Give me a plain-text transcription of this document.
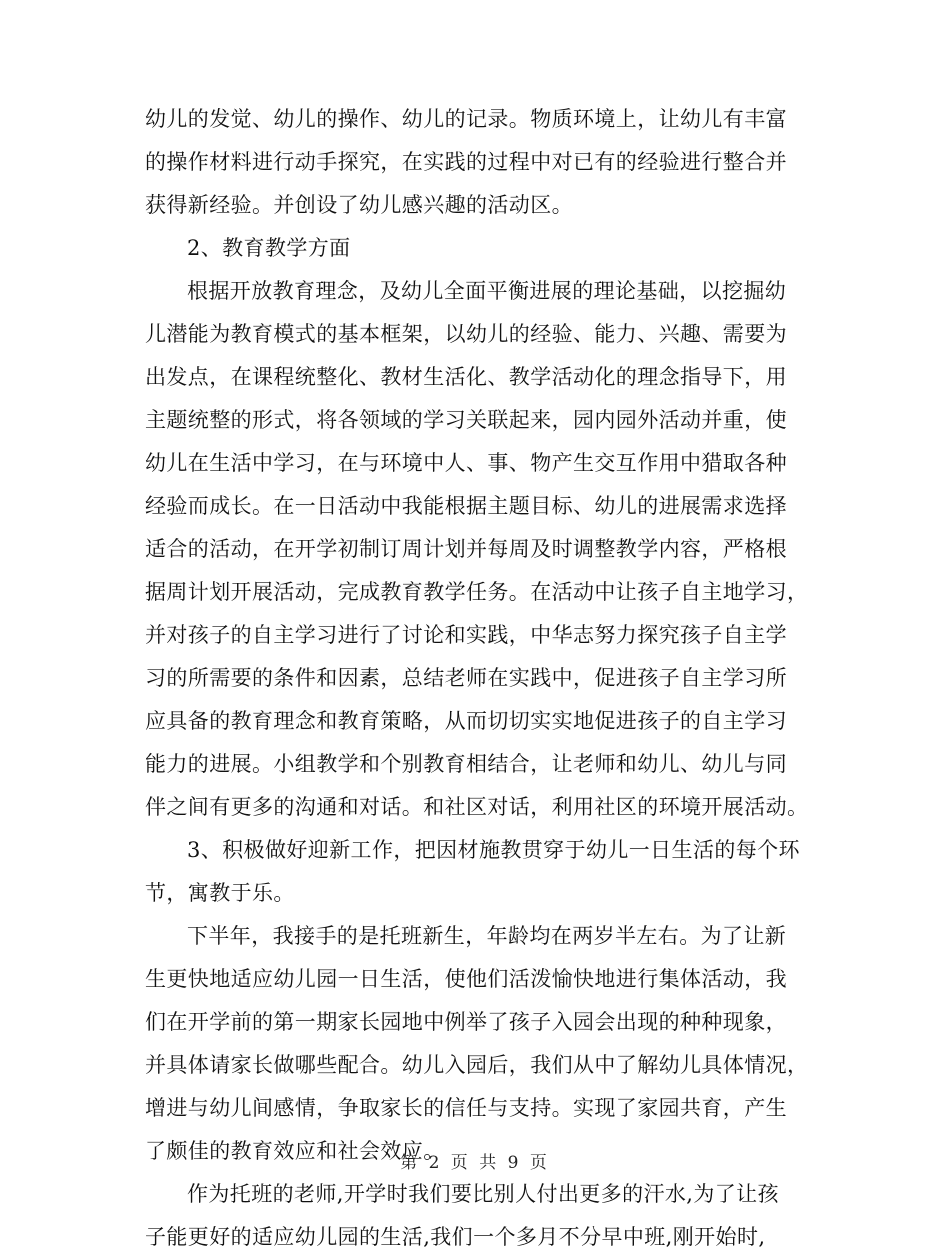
幼儿的发觉、幼儿的操作、幼儿的记录。物质环境上，让幼儿有丰富
的操作材料进行动手探究，在实践的过程中对已有的经验进行整合并
获得新经验。并创设了幼儿感兴趣的活动区。
2、教育教学方面
根据开放教育理念，及幼儿全面平衡进展的理论基础，以挖掘幼
儿潜能为教育模式的基本框架，以幼儿的经验、能力、兴趣、需要为
出发点，在课程统整化、教材生活化、教学活动化的理念指导下，用
主题统整的形式，将各领域的学习关联起来，园内园外活动并重，使
幼儿在生活中学习，在与环境中人、事、物产生交互作用中猎取各种
经验而成长。在一日活动中我能根据主题目标、幼儿的进展需求选择
适合的活动，在开学初制订周计划并每周及时调整教学内容，严格根
据周计划开展活动，完成教育教学任务。在活动中让孩子自主地学习，
并对孩子的自主学习进行了讨论和实践，中华志努力探究孩子自主学
习的所需要的条件和因素，总结老师在实践中，促进孩子自主学习所
应具备的教育理念和教育策略，从而切切实实地促进孩子的自主学习
能力的进展。小组教学和个别教育相结合，让老师和幼儿、幼儿与同
伴之间有更多的沟通和对话。和社区对话，利用社区的环境开展活动。
3、积极做好迎新工作，把因材施教贯穿于幼儿一日生活的每个环
节，寓教于乐。
下半年，我接手的是托班新生，年龄均在两岁半左右。为了让新
生更快地适应幼儿园一日生活，使他们活泼愉快地进行集体活动，我
们在开学前的第一期家长园地中例举了孩子入园会出现的种种现象，
并具体请家长做哪些配合。幼儿入园后，我们从中了解幼儿具体情况，
增进与幼儿间感情，争取家长的信任与支持。实现了家园共育，产生
了颇佳的教育效应和社会效应。
作为托班的老师,开学时我们要比别人付出更多的汗水,为了让孩
子能更好的适应幼儿园的生活,我们一个多月不分早中班,刚开始时,
第 2 页 共 9 页
